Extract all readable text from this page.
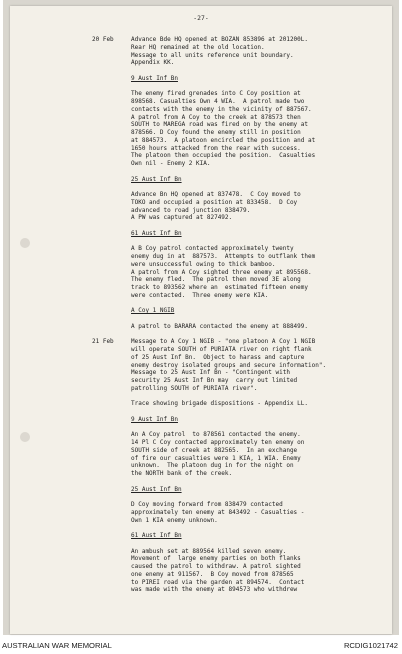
-27-
20 Feb	Advance Bde HQ opened at BOZAN 853896 at 201200L.
Rear HQ remained at the old location.
Message to all units reference unit boundary.
Appendix KK.
9 Aust Inf Bn
The enemy fired grenades into C Coy position at
898568. Casualties Own 4 WIA.  A patrol made two
contacts with the enemy in the vicinity of 887567.
A patrol from A Coy to the creek at 878573 then
SOUTH to MAREGA road was fired on by the enemy at
878566. D Coy found the enemy still in position
at 884573.  A platoon encircled the position and at
1650 hours attacked from the rear with success.
The platoon then occupied the position.  Casualties
Own nil - Enemy 2 KIA.
25 Aust Inf Bn
Advance Bn HQ opened at 837478.  C Coy moved to
TOKO and occupied a position at 833458.  D Coy
advanced to road junction 838479.
A PW was captured at 827492.
61 Aust Inf Bn
A B Coy patrol contacted approximately twenty
enemy dug in at  887573.  Attempts to outflank them
were unsuccessful owing to thick bamboo.
A patrol from A Coy sighted three enemy at 895568.
The enemy fled.  The patrol then moved 3E along
track to 893562 where an  estimated fifteen enemy
were contacted.  Three enemy were KIA.
A Coy 1 NGIB
A patrol to BARARA contacted the enemy at 888499.
21 Feb	Message to A Coy 1 NGIB - "one platoon A Coy 1 NGIB
will operate SOUTH of PURIATA river on right flank
of 25 Aust Inf Bn.  Object to harass and capture
enemy destroy isolated groups and secure information".
Message to 25 Aust Inf Bn - "Contingent with
security 25 Aust Inf Bn may  carry out limited
patrolling SOUTH of PURIATA river".
Trace showing brigade dispositions - Appendix LL.
9 Aust Inf Bn
An A Coy patrol  to 878561 contacted the enemy.
14 Pl C Coy contacted approximately ten enemy on
SOUTH side of creek at 882565.  In an exchange
of fire our casualties were 1 KIA, 1 WIA. Enemy
unknown.  The platoon dug in for the night on
the NORTH bank of the creek.
25 Aust Inf Bn
D Coy moving forward from 838479 contacted
approximately ten enemy at 843492 - Casualties -
Own 1 KIA enemy unknown.
61 Aust Inf Bn
An ambush set at 889564 killed seven enemy.
Movement of  large enemy parties on both flanks
caused the patrol to withdraw. A patrol sighted
one enemy at 911567.  B Coy moved from 878565
to PIREI road via the garden at 894574.  Contact
was made with the enemy at 894573 who withdrew
AUSTRALIAN WAR MEMORIAL	RCDIG1021742
